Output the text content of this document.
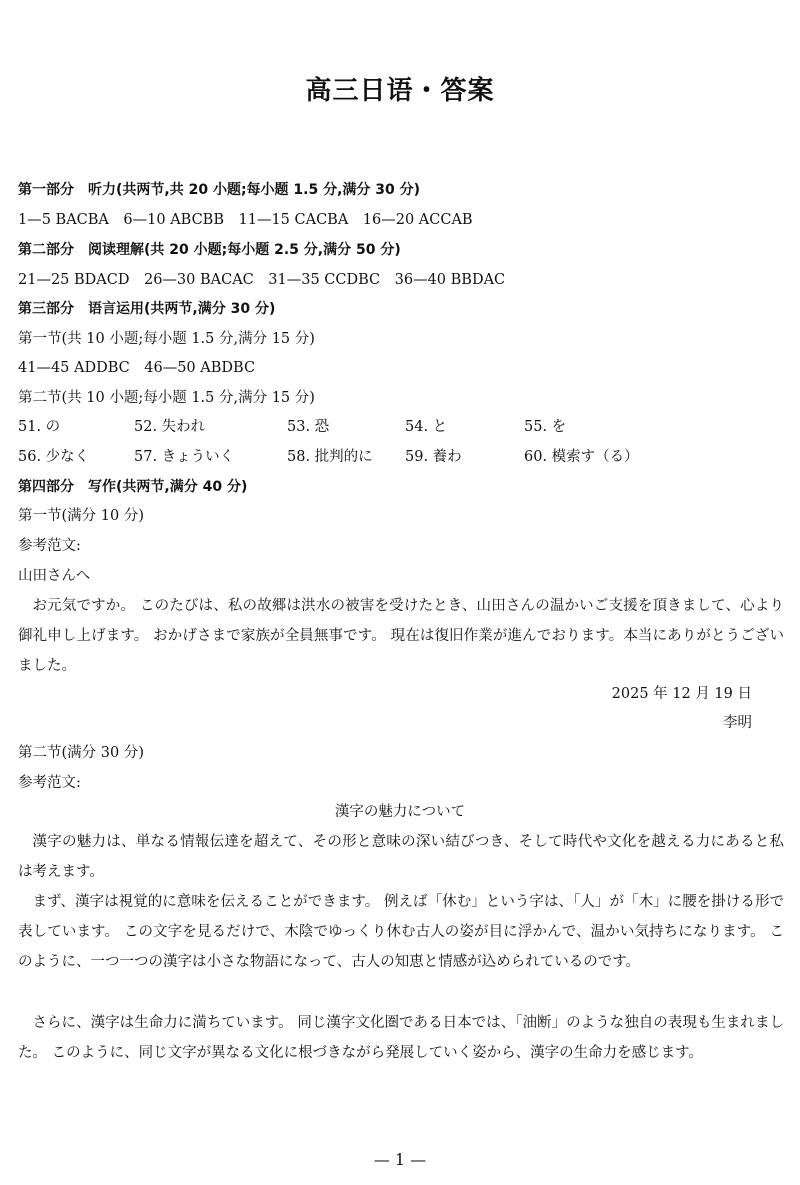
高三日语・答案
第一部分　听力(共两节,共 20 小题;每小题 1.5 分,满分 30 分)
1—5 BACBA　6—10 ABCBB　11—15 CACBA　16—20 ACCAB
第二部分　阅读理解(共 20 小题;每小题 2.5 分,满分 50 分)
21—25 BDACD　26—30 BACAC　31—35 CCDBC　36—40 BBDAC
第三部分　语言运用(共两节,满分 30 分)
第一节(共 10 小题;每小题 1.5 分,满分 15 分)
41—45 ADDBC　46—50 ABDBC
第二节(共 10 小题;每小题 1.5 分,满分 15 分)
51. の	52. 失われ	53. 恐	54. と	55. を
56. 少なく	57. きょういく	58. 批判的に 59. 養わ	60. 模索す（る）
第四部分　写作(共两节,满分 40 分)
第一节(满分 10 分)
参考范文:
山田さんへ
お元気ですか。 このたびは、私の故郷は洪水の被害を受けたとき、山田さんの温かいご支援を頂きまして、心より御礼申し上げます。 おかげさまで家族が全員無事です。 現在は復旧作業が進んでおります。本当にありがとうございました。
2025 年 12 月 19 日
李明
第二节(满分 30 分)
参考范文:
漢字の魅力について
漢字の魅力は、単なる情報伝達を超えて、その形と意味の深い結びつき、そして時代や文化を越える力にあると私は考えます。
まず、漢字は視覚的に意味を伝えることができます。 例えば「休む」という字は、「人」が「木」に腰を掛ける形で表しています。 この文字を見るだけで、木陰でゆっくり休む古人の姿が目に浮かんで、温かい気持ちになります。 このように、一つ一つの漢字は小さな物語になって、古人の知恵と情感が込められているのです。
さらに、漢字は生命力に満ちています。 同じ漢字文化圏である日本では、「油断」のような独自の表現も生まれました。 このように、同じ文字が異なる文化に根づきながら発展していく姿から、漢字の生命力を感じます。
— 1 —
